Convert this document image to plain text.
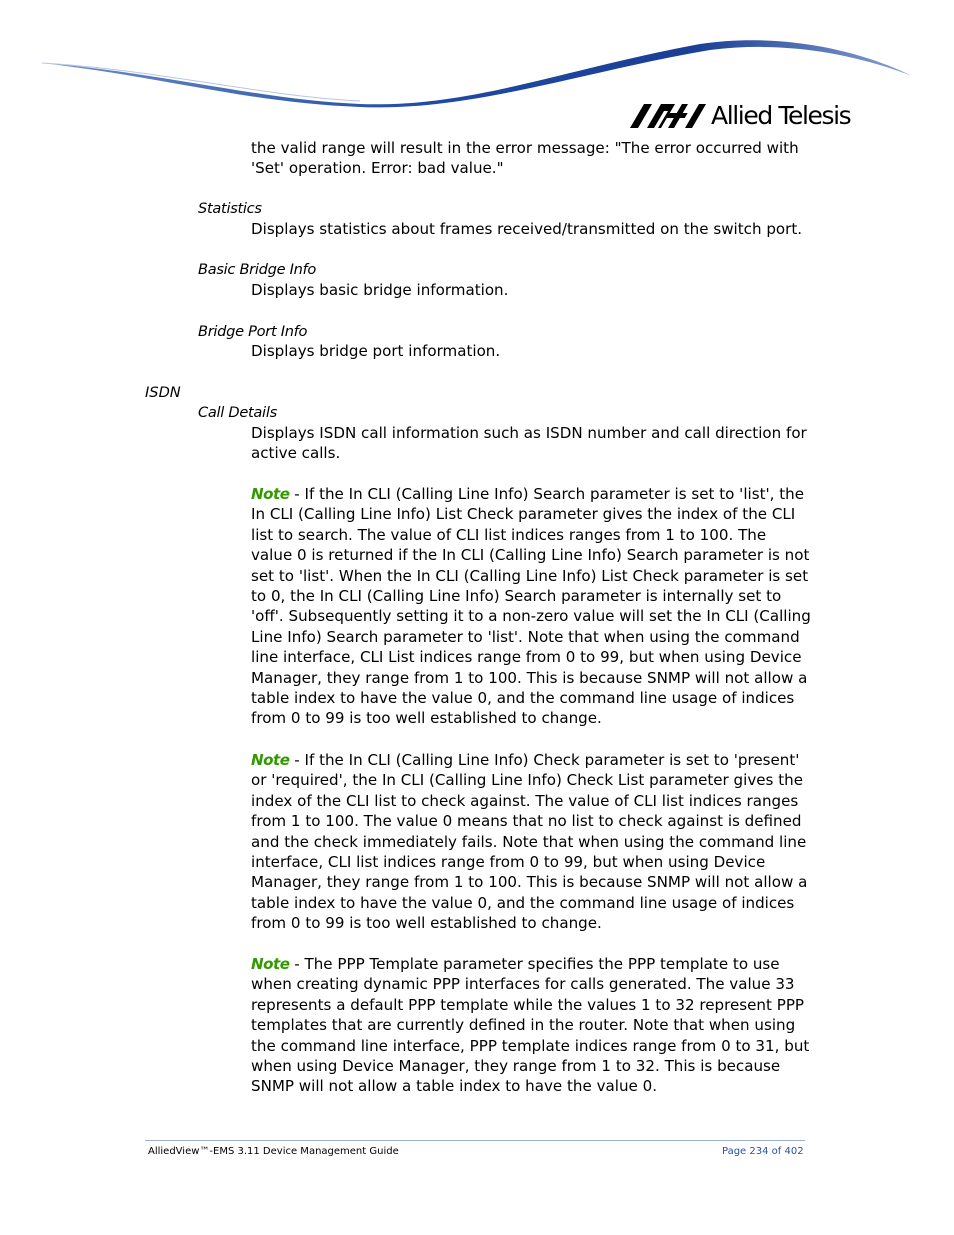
Allied Telesis

the valid range will result in the error message: "The error occurred with 'Set' operation. Error: bad value."

Statistics

Displays statistics about frames received/transmitted on the switch port.

Basic Bridge Info

Displays basic bridge information.

Bridge Port Info

Displays bridge port information.

ISDN

Call Details

Displays ISDN call information such as ISDN number and call direction for active calls.

Note - If the In CLI (Calling Line Info) Search parameter is set to 'list', the In CLI (Calling Line Info) List Check parameter gives the index of the CLI list to search. The value of CLI list indices ranges from 1 to 100. The value 0 is returned if the In CLI (Calling Line Info) Search parameter is not set to 'list'. When the In CLI (Calling Line Info) List Check parameter is set to 0, the In CLI (Calling Line Info) Search parameter is internally set to 'off'. Subsequently setting it to a non-zero value will set the In CLI (Calling Line Info) Search parameter to 'list'. Note that when using the command line interface, CLI List indices range from 0 to 99, but when using Device Manager, they range from 1 to 100. This is because SNMP will not allow a table index to have the value 0, and the command line usage of indices from 0 to 99 is too well established to change.

Note - If the In CLI (Calling Line Info) Check parameter is set to 'present' or 'required', the In CLI (Calling Line Info) Check List parameter gives the index of the CLI list to check against. The value of CLI list indices ranges from 1 to 100. The value 0 means that no list to check against is defined and the check immediately fails. Note that when using the command line interface, CLI list indices range from 0 to 99, but when using Device Manager, they range from 1 to 100. This is because SNMP will not allow a table index to have the value 0, and the command line usage of indices from 0 to 99 is too well established to change.

Note - The PPP Template parameter specifies the PPP template to use when creating dynamic PPP interfaces for calls generated. The value 33 represents a default PPP template while the values 1 to 32 represent PPP templates that are currently defined in the router. Note that when using the command line interface, PPP template indices range from 0 to 31, but when using Device Manager, they range from 1 to 32. This is because SNMP will not allow a table index to have the value 0.

AlliedView™-EMS 3.11 Device Management Guide	Page 234 of 402
